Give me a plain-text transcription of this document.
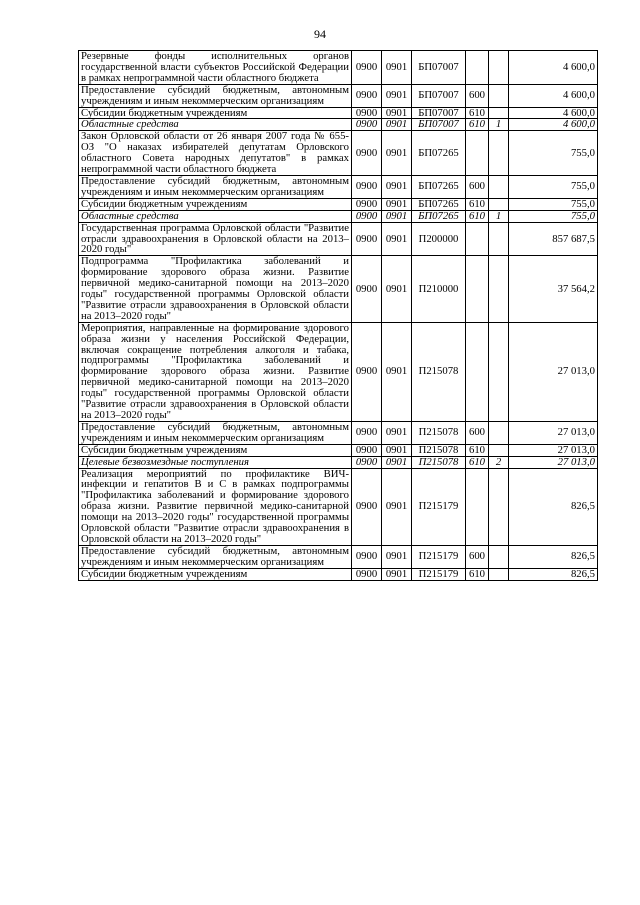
94
Резервные фонды исполнительных органов государственной власти субъектов Российской Федерации в рамках непрограммной части областного бюджета	0900	0901	БП07007			4 600,0
Предоставление субсидий бюджетным, автономным учреждениям и иным некоммерческим организациям	0900	0901	БП07007	600		4 600,0
Субсидии бюджетным учреждениям	0900	0901	БП07007	610		4 600,0
Областные средства	0900	0901	БП07007	610	1	4 600,0
Закон Орловской области от 26 января 2007 года № 655-ОЗ "О наказах избирателей депутатам Орловского областного Совета народных депутатов" в рамках непрограммной части областного бюджета	0900	0901	БП07265			755,0
Предоставление субсидий бюджетным, автономным учреждениям и иным некоммерческим организациям	0900	0901	БП07265	600		755,0
Субсидии бюджетным учреждениям	0900	0901	БП07265	610		755,0
Областные средства	0900	0901	БП07265	610	1	755,0
Государственная программа Орловской области "Развитие отрасли здравоохранения в Орловской области на 2013–2020 годы"	0900	0901	П200000			857 687,5
Подпрограмма "Профилактика заболеваний и формирование здорового образа жизни. Развитие первичной медико-санитарной помощи на 2013–2020 годы" государственной программы Орловской области "Развитие отрасли здравоохранения в Орловской области на 2013–2020 годы"	0900	0901	П210000			37 564,2
Мероприятия, направленные на формирование здорового образа жизни у населения Российской Федерации, включая сокращение потребления алкоголя и табака, подпрограммы "Профилактика заболеваний и формирование здорового образа жизни. Развитие первичной медико-санитарной помощи на 2013–2020 годы" государственной программы Орловской области "Развитие отрасли здравоохранения в Орловской области на 2013–2020 годы"	0900	0901	П215078			27 013,0
Предоставление субсидий бюджетным, автономным учреждениям и иным некоммерческим организациям	0900	0901	П215078	600		27 013,0
Субсидии бюджетным учреждениям	0900	0901	П215078	610		27 013,0
Целевые безвозмездные поступления	0900	0901	П215078	610	2	27 013,0
Реализация мероприятий по профилактике ВИЧ-инфекции и гепатитов В и С в рамках подпрограммы "Профилактика заболеваний и формирование здорового образа жизни. Развитие первичной медико-санитарной помощи на 2013–2020 годы" государственной программы Орловской области "Развитие отрасли здравоохранения в Орловской области на 2013–2020 годы"	0900	0901	П215179			826,5
Предоставление субсидий бюджетным, автономным учреждениям и иным некоммерческим организациям	0900	0901	П215179	600		826,5
Субсидии бюджетным учреждениям	0900	0901	П215179	610		826,5
